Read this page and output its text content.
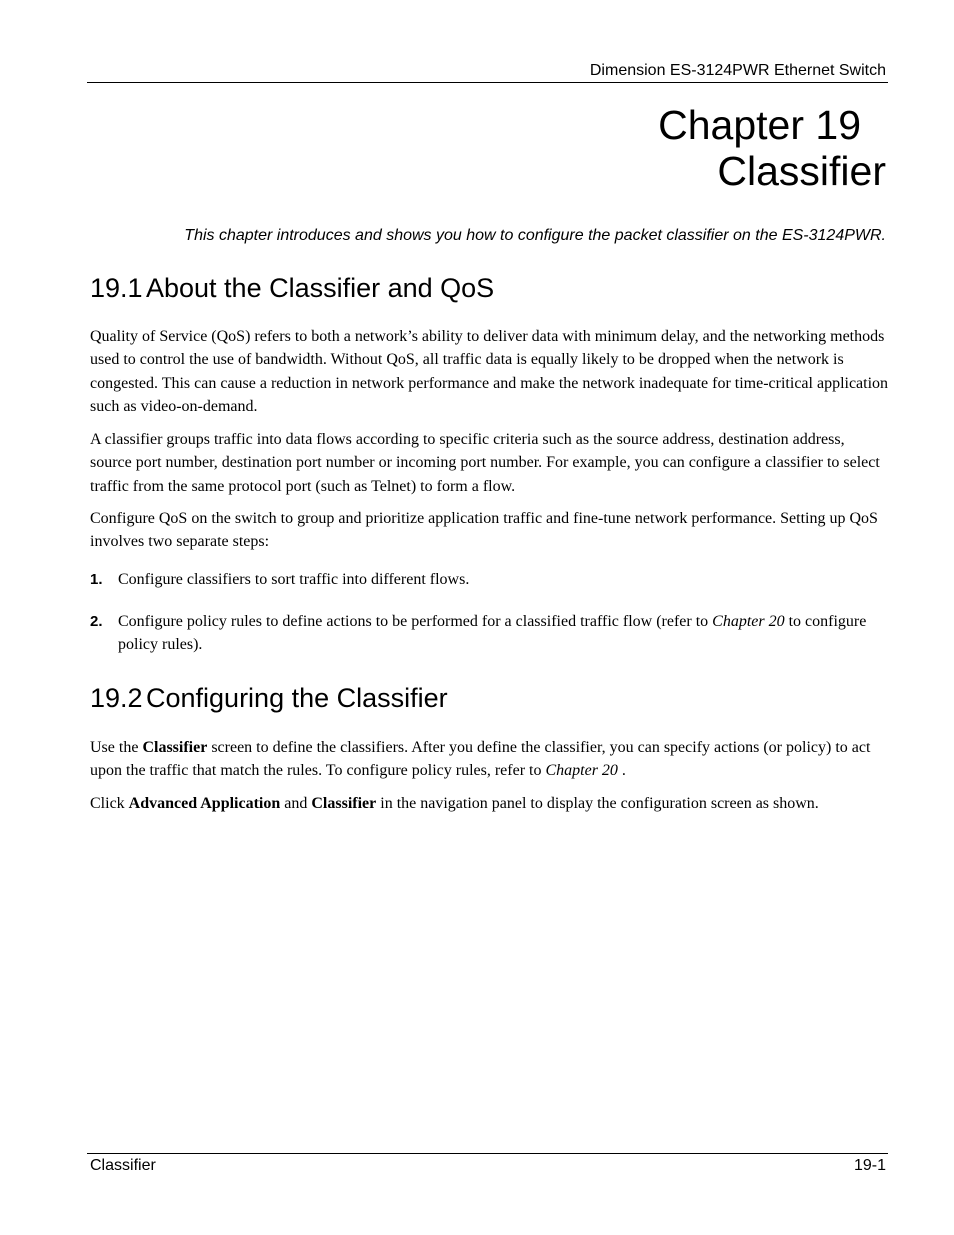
Dimension ES-3124PWR Ethernet Switch
Chapter 19
Classifier
This chapter introduces and shows you how to configure the packet classifier on the ES-3124PWR.
19.1 About the Classifier and QoS

Quality of Service (QoS) refers to both a network’s ability to deliver data with minimum delay, and the networking methods used to control the use of bandwidth. Without QoS, all traffic data is equally likely to be dropped when the network is congested. This can cause a reduction in network performance and make the network inadequate for time-critical application such as video-on-demand.

A classifier groups traffic into data flows according to specific criteria such as the source address, destination address, source port number, destination port number or incoming port number. For example, you can configure a classifier to select traffic from the same protocol port (such as Telnet) to form a flow.

Configure QoS on the switch to group and prioritize application traffic and fine-tune network performance. Setting up QoS involves two separate steps:

1. Configure classifiers to sort traffic into different flows.
2. Configure policy rules to define actions to be performed for a classified traffic flow (refer to Chapter 20 to configure policy rules).
19.2 Configuring the Classifier

Use the Classifier screen to define the classifiers. After you define the classifier, you can specify actions (or policy) to act upon the traffic that match the rules. To configure policy rules, refer to Chapter 20 .

Click Advanced Application and Classifier in the navigation panel to display the configuration screen as shown.

Classifier	19-1
